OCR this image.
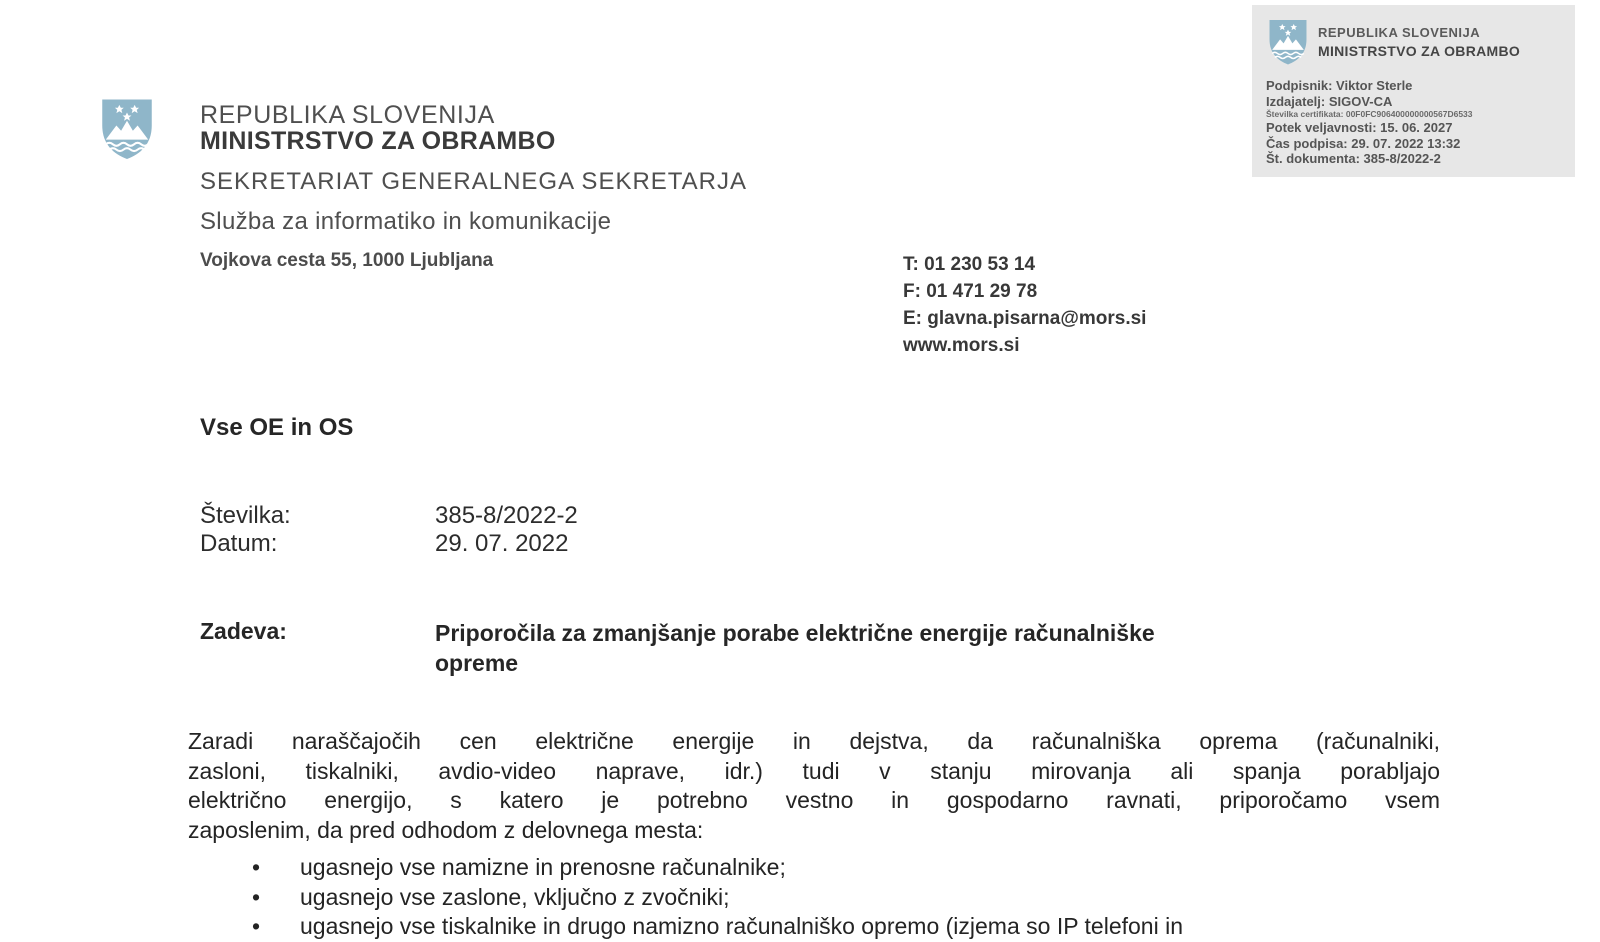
REPUBLIKA SLOVENIJA
MINISTRSTVO ZA OBRAMBO
Podpisnik: Viktor Sterle
Izdajatelj: SIGOV-CA
Številka certifikata: 00F0FC906400000000567D6533
Potek veljavnosti: 15. 06. 2027
Čas podpisa: 29. 07. 2022 13:32
Št. dokumenta: 385-8/2022-2
REPUBLIKA SLOVENIJA
MINISTRSTVO ZA OBRAMBO
SEKRETARIAT GENERALNEGA SEKRETARJA
Služba za informatiko in komunikacije
Vojkova cesta 55, 1000 Ljubljana	T: 01 230 53 14
F: 01 471 29 78
E: glavna.pisarna@mors.si
www.mors.si
Vse OE in OS
Številka:	385-8/2022-2
Datum:	29. 07. 2022
Zadeva:	Priporočila za zmanjšanje porabe električne energije računalniške
opreme
Zaradi naraščajočih cen električne energije in dejstva, da računalniška oprema (računalniki,
zasloni, tiskalniki, avdio-video naprave, idr.) tudi v stanju mirovanja ali spanja porabljajo
električno energijo, s katero je potrebno vestno in gospodarno ravnati, priporočamo vsem
zaposlenim, da pred odhodom z delovnega mesta:
• ugasnejo vse namizne in prenosne računalnike;
• ugasnejo vse zaslone, vključno z zvočniki;
• ugasnejo vse tiskalnike in drugo namizno računalniško opremo (izjema so IP telefoni in
